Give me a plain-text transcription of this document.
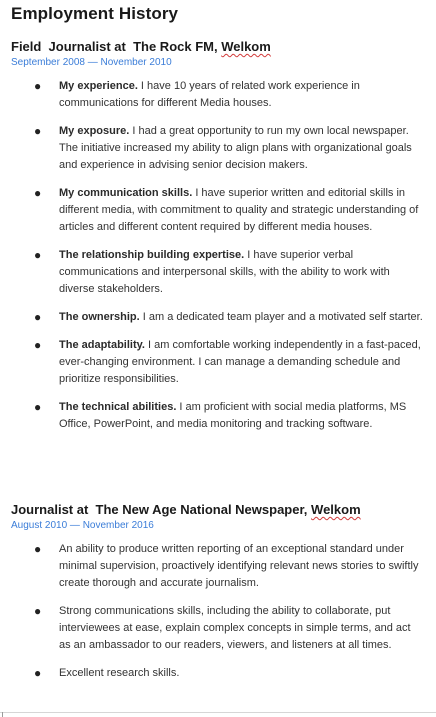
Employment History

Field  Journalist at  The Rock FM, Welkom

September 2008 — November 2010

● My experience. I have 10 years of related work experience in communications for different Media houses.
● My exposure. I had a great opportunity to run my own local newspaper. The initiative increased my ability to align plans with organizational goals and experience in advising senior decision makers.
● My communication skills. I have superior written and editorial skills in different media, with commitment to quality and strategic understanding of articles and different content required by different media houses.
● The relationship building expertise. I have superior verbal communications and interpersonal skills, with the ability to work with diverse stakeholders.
● The ownership. I am a dedicated team player and a motivated self starter.
● The adaptability. I am comfortable working independently in a fast-paced, ever-changing environment. I can manage a demanding schedule and prioritize responsibilities.
● The technical abilities. I am proficient with social media platforms, MS Office, PowerPoint, and media monitoring and tracking software.

Journalist at  The New Age National Newspaper, Welkom

August 2010 — November 2016

● An ability to produce written reporting of an exceptional standard under minimal supervision, proactively identifying relevant news stories to swiftly create thorough and accurate journalism.
● Strong communications skills, including the ability to collaborate, put interviewees at ease, explain complex concepts in simple terms, and act as an ambassador to our readers, viewers, and listeners at all times.
● Excellent research skills.
